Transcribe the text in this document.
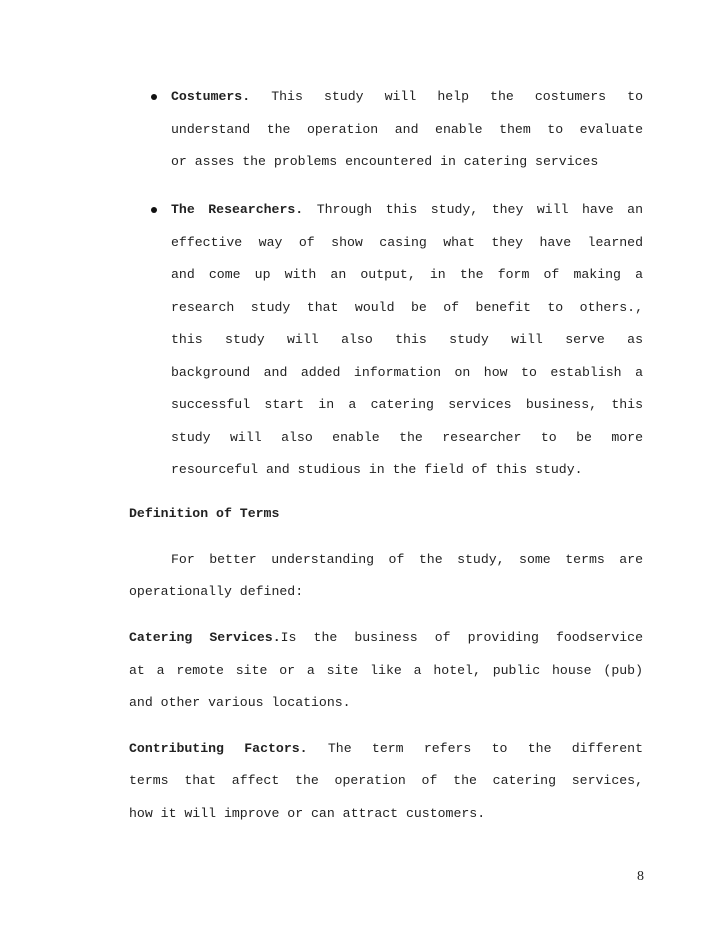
Costumers. This study will help the costumers to
understand the operation and enable them to evaluate
or asses the problems encountered in catering services
The Researchers. Through this study, they will have an
effective way of show casing what they have learned
and come up with an output, in the form of making a
research study that would be of benefit to others.,
this study will also this study will serve as
background and added information on how to establish a
successful start in a catering services business, this
study will also enable the researcher to be more
resourceful and studious in the field of this study.
Definition of Terms
For better understanding of the study, some terms are
operationally defined:
Catering Services.Is the business of providing foodservice
at a remote site or a site like a hotel, public house (pub)
and other various locations.
Contributing Factors. The term refers to the different
terms that affect the operation of the catering services,
how it will improve or can attract customers.
8
